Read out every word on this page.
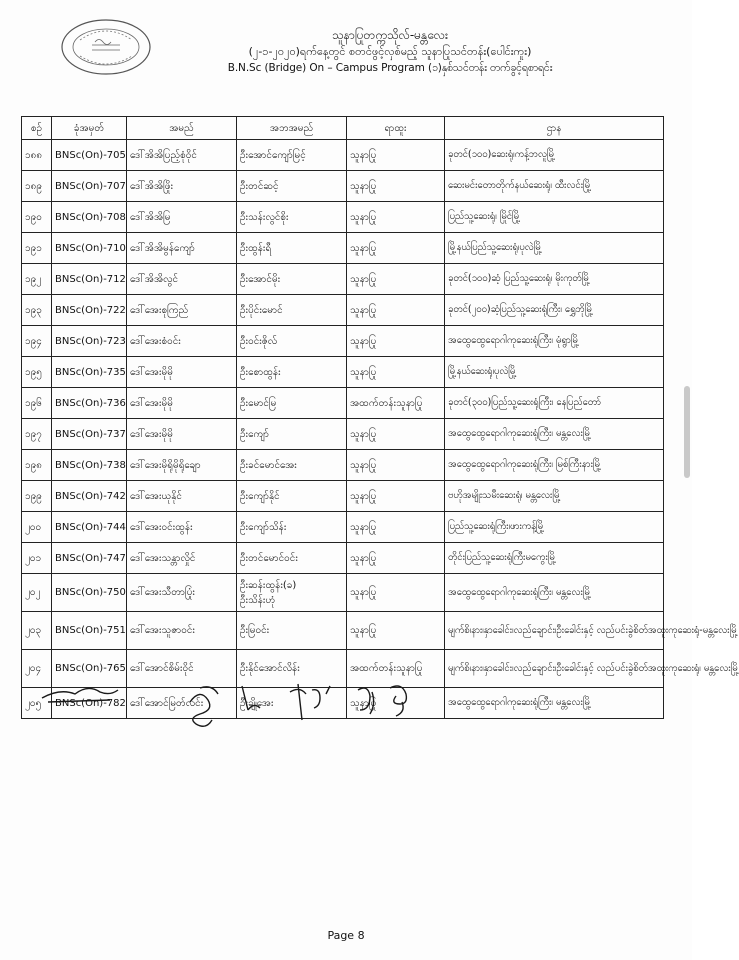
သူနာပြုတက္ကသိုလ်-မန္တလေး
(၂-၁-၂၀၂၀)ရက်နေ့တွင် စတင်ဖွင့်လှစ်မည့် သူနာပြုသင်တန်း(ပေါင်းကူး)
B.N.Sc (Bridge) On – Campus Program (၁)နှစ်သင်တန်း တက်ခွင့်ရစာရင်း
စဉ်	ခုံအမှတ်	အမည်	အဘအမည်	ရာထူး	ဌာန
၁၈၈	BNSc(On)-705	ဒေါ်အိအိပြည့်စုံဝိုင်	ဦးအောင်ကျော်မြင့်	သူနာပြု	ခုတင်(၁၀၀)ဆေးရုံ၊ကန့်ဘလူမြို့
၁၈၉	BNSc(On)-707	ဒေါ်အိအိဖြိုး	ဦးတင်ဆင့်	သူနာပြု	ဆေးမင်းတောတိုက်နယ်ဆေးရုံ၊ ထီးလင်းမြို့
၁၉၀	BNSc(On)-708	ဒေါ်အိအိမြ	ဦးသန်းလွင်စိုး	သူနာပြု	ပြည်သူ့ဆေးရုံ၊ မြိုင်မြို့
၁၉၁	BNSc(On)-710	ဒေါ်အိအိမွန်ကျော်	ဦးထွန်းရီ	သူနာပြု	မြို့နယ်ပြည်သူ့ဆေးရုံ၊ပုလဲမြို့
၁၉၂	BNSc(On)-712	ဒေါ်အိအိလွင်	ဦးအောင်မိုး	သူနာပြု	ခုတင်(၁၀၀)ဆံ့ ပြည်သူ့ဆေးရုံ၊ မိုးကုတ်မြို့
၁၉၃	BNSc(On)-722	ဒေါ်အေးစုကြည်	ဦးပိုင်းမောင်	သူနာပြု	ခုတင်(၂၀၀)ဆံ့ပြည်သူ့ဆေးရုံကြီး၊ ရွှေဘိုမြို့
၁၉၄	BNSc(On)-723	ဒေါ်အေးစံဝင်း	ဦးဝင်းဇိုလ်	သူနာပြု	အထွေထွေရောဂါကုဆေးရုံကြီး၊ မုံရွာမြို့
၁၉၅	BNSc(On)-735	ဒေါ်အေးမိုမို	ဦးစောထွန်း	သူနာပြု	မြို့နယ်ဆေးရုံ၊ပုလဲမြို့
၁၉၆	BNSc(On)-736	ဒေါ်အေးမိုမို	ဦးမောင်မြ	အထက်တန်းသူနာပြု	ခုတင်(၃၀၀)ပြည်သူ့ဆေးရုံကြီး၊ နေပြည်တော်
၁၉၇	BNSc(On)-737	ဒေါ်အေးမိုမို	ဦးကျော်	သူနာပြု	အထွေထွေရောဂါကုဆေးရုံကြီး၊ မန္တလေးမြို့
၁၉၈	BNSc(On)-738	ဒေါ်အေးမိုရိုမိုရိုချော	ဦးခင်မောင်အေး	သူနာပြု	အထွေထွေရောဂါကုဆေးရုံကြီး၊ မြစ်ကြီးနားမြို့
၁၉၉	BNSc(On)-742	ဒေါ်အေးယုနိုင်	ဦးကျော်နိုင်	သူနာပြု	ဗဟိုအမျိုးသမီးဆေးရုံ၊ မန္တလေးမြို့
၂၀၀	BNSc(On)-744	ဒေါ်အေးဝင်းထွန်း	ဦးကျော်သိန်း	သူနာပြု	ပြည်သူ့ဆေးရုံကြီး၊ဖားကန့်မြို့
၂၀၁	BNSc(On)-747	ဒေါ်အေးသန္တာလှိုင်	ဦးတင်မောင်ဝင်း	သူနာပြု	တိုင်းပြည်သူ့ဆေးရုံကြီးမကွေးမြို့
၂၀၂	BNSc(On)-750	ဒေါ်အေးသီတာပြုံး	ဦးဆန်းထွန်း(ခ)
ဦးသိန်းဟုံ	သူနာပြု	အထွေထွေရောဂါကုဆေးရုံကြီး၊ မန္တလေးမြို့
၂၀၃	BNSc(On)-751	ဒေါ်အေးသူဇာဝင်း	ဦးမြဝင်း	သူနာပြု	မျက်စိ၊နား၊နှာခေါင်း၊လည်ချောင်း၊ဦးခေါင်းနှင့် လည်ပင်းခွဲစိတ်အထူးကုဆေးရုံ-မန္တလေးမြို့
၂၀၄	BNSc(On)-765	ဒေါ်အောင်စိမ်းဝိုင်	ဦးနိုင်အောင်လိန်း	အထက်တန်းသူနာပြု	မျက်စိ၊နား၊နှာခေါင်း၊လည်ချောင်း၊ဦးခေါင်းနှင့် လည်ပင်းခွဲစိတ်အထူးကုဆေးရုံ၊ မန္တလေးမြို့
၂၀၅	BNSc(On)-782	ဒေါ်အောင်မြတ်လင်း	ဦးချိုအေး	သူနာပြု	အထွေထွေရောဂါကုဆေးရုံကြီး၊ မန္တလေးမြို့
Page 8
